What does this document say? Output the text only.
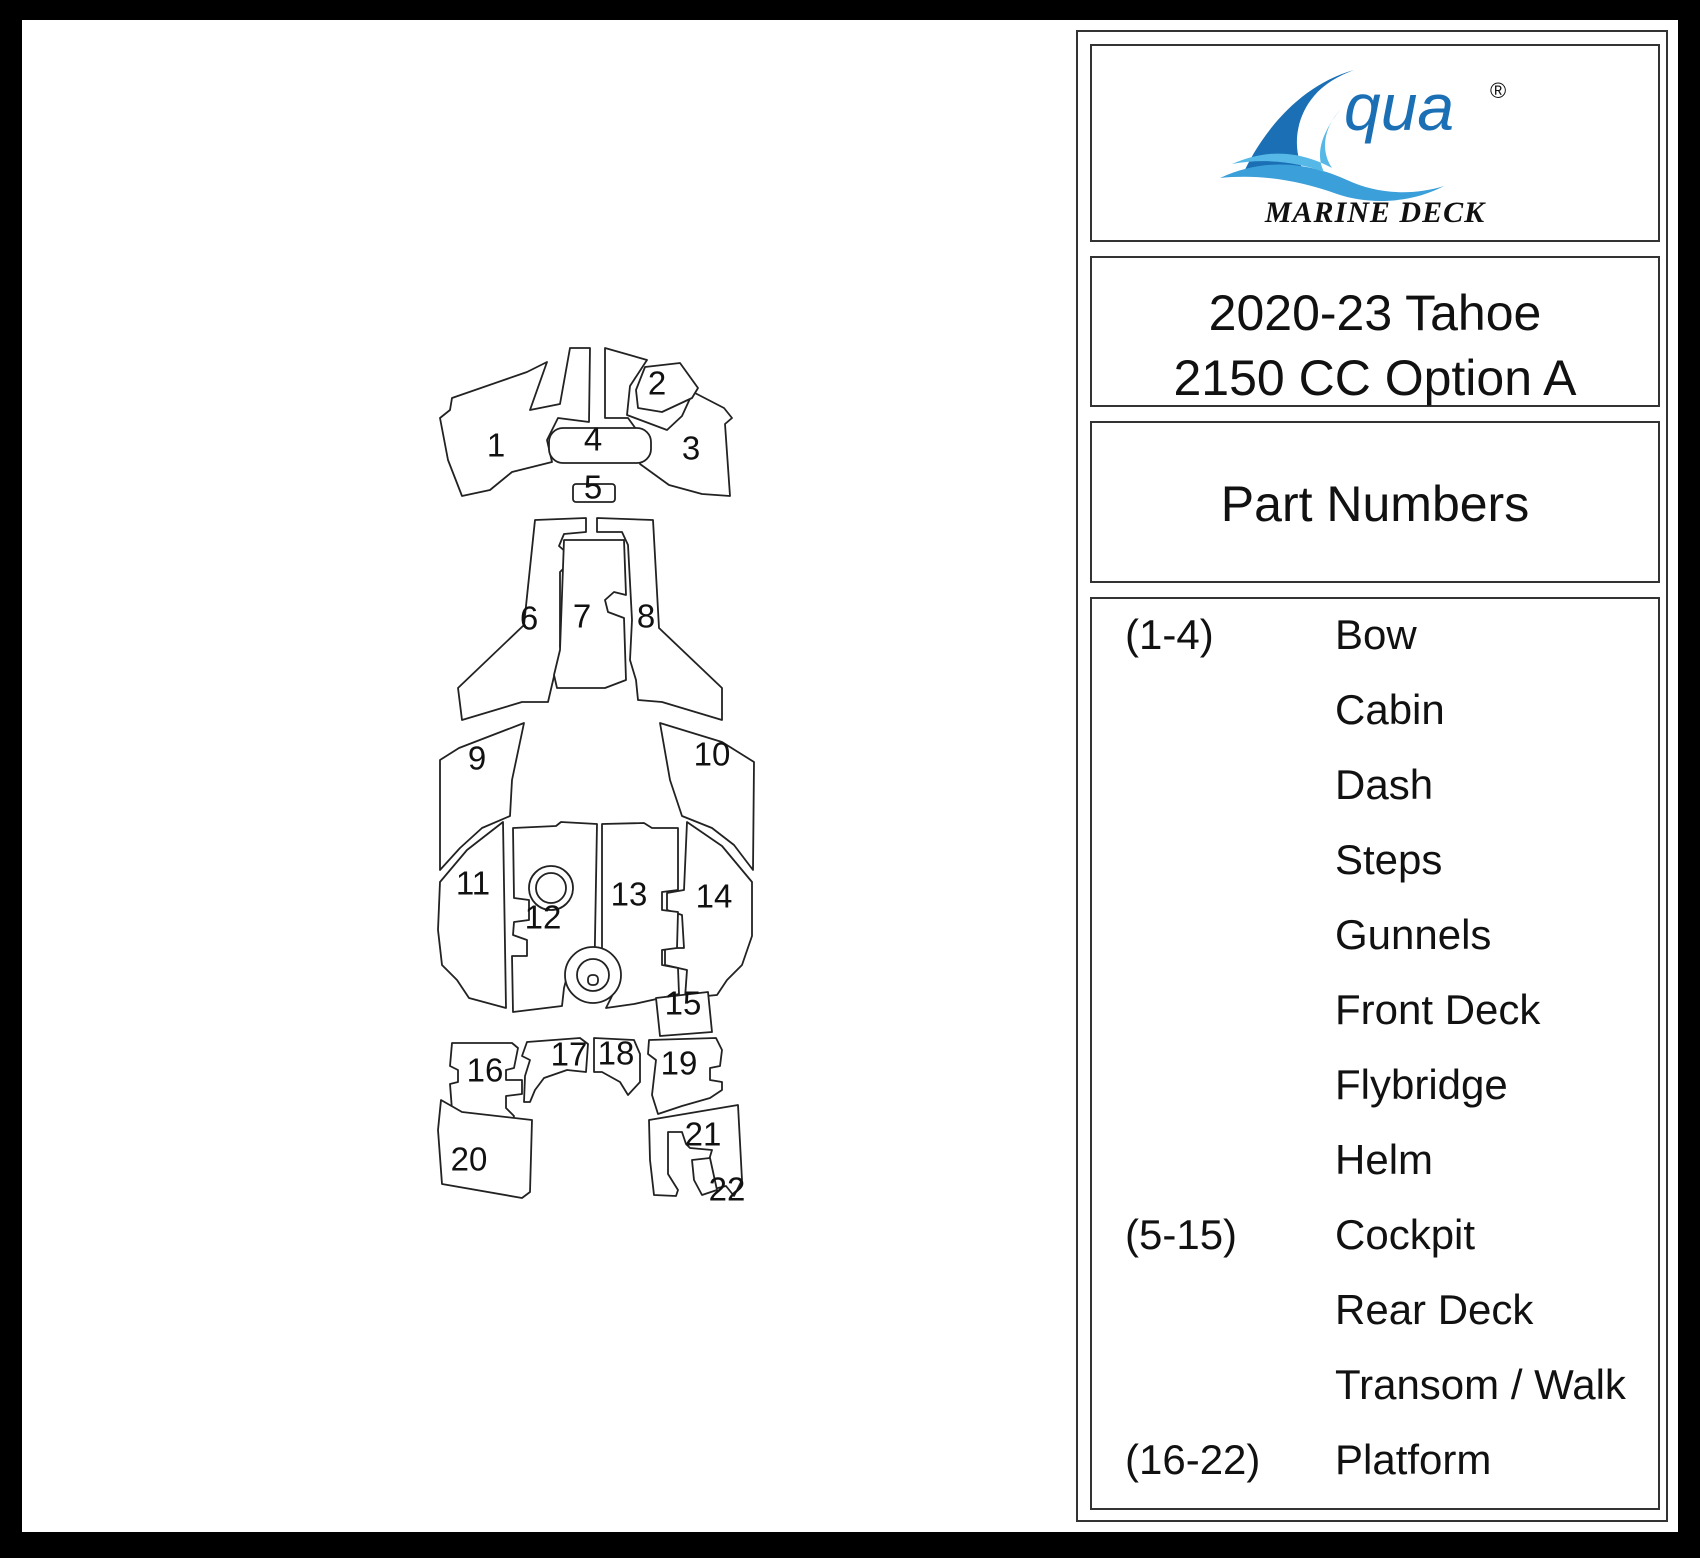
1
2
3
4
5
6 7 8
9	10
11
12
13 14
15
16 17 18 19
20
21
22
qua ®
MARINE DECK
2020-23 Tahoe
2150 CC Option A
Part Numbers
(1-4)	Bow
Cabin
Dash
Steps
Gunnels
Front Deck
Flybridge
Helm
(5-15) Cockpit
Rear Deck
Transom / Walk
(16-22) Platform
